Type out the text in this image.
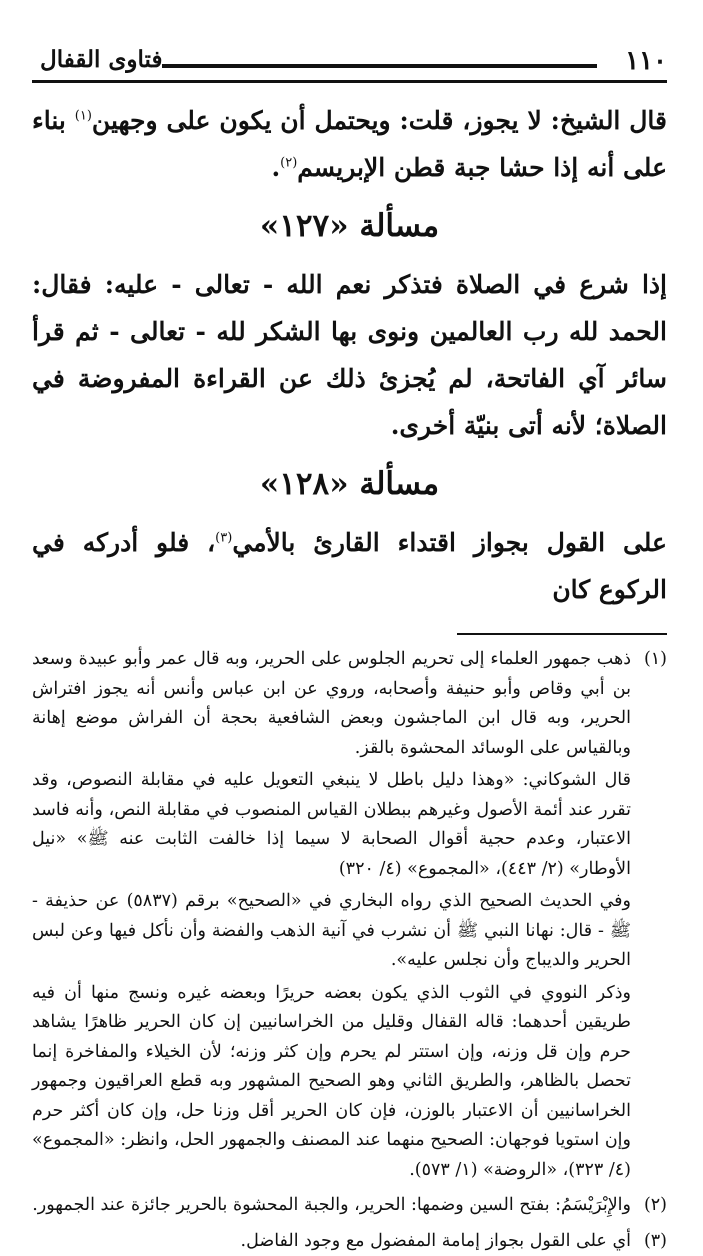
١١٠
فتاوى القفال

قال الشيخ: لا يجوز، قلت: ويحتمل أن يكون على وجهين$^{(١)}$ بناء على أنه إذا حشا جبة قطن الإبريسم$^{(٢)}$.

مسألة «١٢٧»

إذا شرع في الصلاة فتذكر نعم الله - تعالى - عليه: فقال: الحمد لله رب العالمين ونوى بها الشكر لله - تعالى - ثم قرأ سائر آي الفاتحة، لم يُجزئ ذلك عن القراءة المفروضة في الصلاة؛ لأنه أتى بنيّة أخرى.

مسألة «١٢٨»

على القول بجواز اقتداء القارئ بالأمي$^{(٣)}$، فلو أدركه في الركوع كان

(١)

ذهب جمهور العلماء إلى تحريم الجلوس على الحرير، وبه قال عمر وأبو عبيدة وسعد بن أبي وقاص وأبو حنيفة وأصحابه، وروي عن ابن عباس وأنس أنه يجوز افتراش الحرير، وبه قال ابن الماجشون وبعض الشافعية بحجة أن الفراش موضع إهانة وبالقياس على الوسائد المحشوة بالقز.

قال الشوكاني: «وهذا دليل باطل لا ينبغي التعويل عليه في مقابلة النصوص، وقد تقرر عند أئمة الأصول وغيرهم ببطلان القياس المنصوب في مقابلة النص، وأنه فاسد الاعتبار، وعدم حجية أقوال الصحابة لا سيما إذا خالفت الثابت عنه ﷺ» «نيل الأوطار» (٢/ ٤٤٣)، «المجموع» (٤/ ٣٢٠)

وفي الحديث الصحيح الذي رواه البخاري في «الصحيح» برقم (٥٨٣٧) عن حذيفة - ﷺ - قال: نهانا النبي ﷺ أن نشرب في آنية الذهب والفضة وأن نأكل فيها وعن لبس الحرير والديباج وأن نجلس عليه».

وذكر النووي في الثوب الذي يكون بعضه حريرًا وبعضه غيره ونسج منها أن فيه طريقين أحدهما: قاله القفال وقليل من الخراسانيين إن كان الحرير ظاهرًا يشاهد حرم وإن قل وزنه، وإن استتر لم يحرم وإن كثر وزنه؛ لأن الخيلاء والمفاخرة إنما تحصل بالظاهر، والطريق الثاني وهو الصحيح المشهور وبه قطع العراقيون وجمهور الخراسانيين أن الاعتبار بالوزن، فإن كان الحرير أقل وزنا حل، وإن كان أكثر حرم وإن استويا فوجهان: الصحيح منهما عند المصنف والجمهور الحل، وانظر: «المجموع» (٤/ ٣٢٣)، «الروضة» (١/ ٥٧٣).

(٢)

والإِبْرَيْسَمُ: بفتح السين وضمها: الحرير، والجبة المحشوة بالحرير جائزة عند الجمهور.

(٣)

أي على القول بجواز إمامة المفضول مع وجود الفاضل.
